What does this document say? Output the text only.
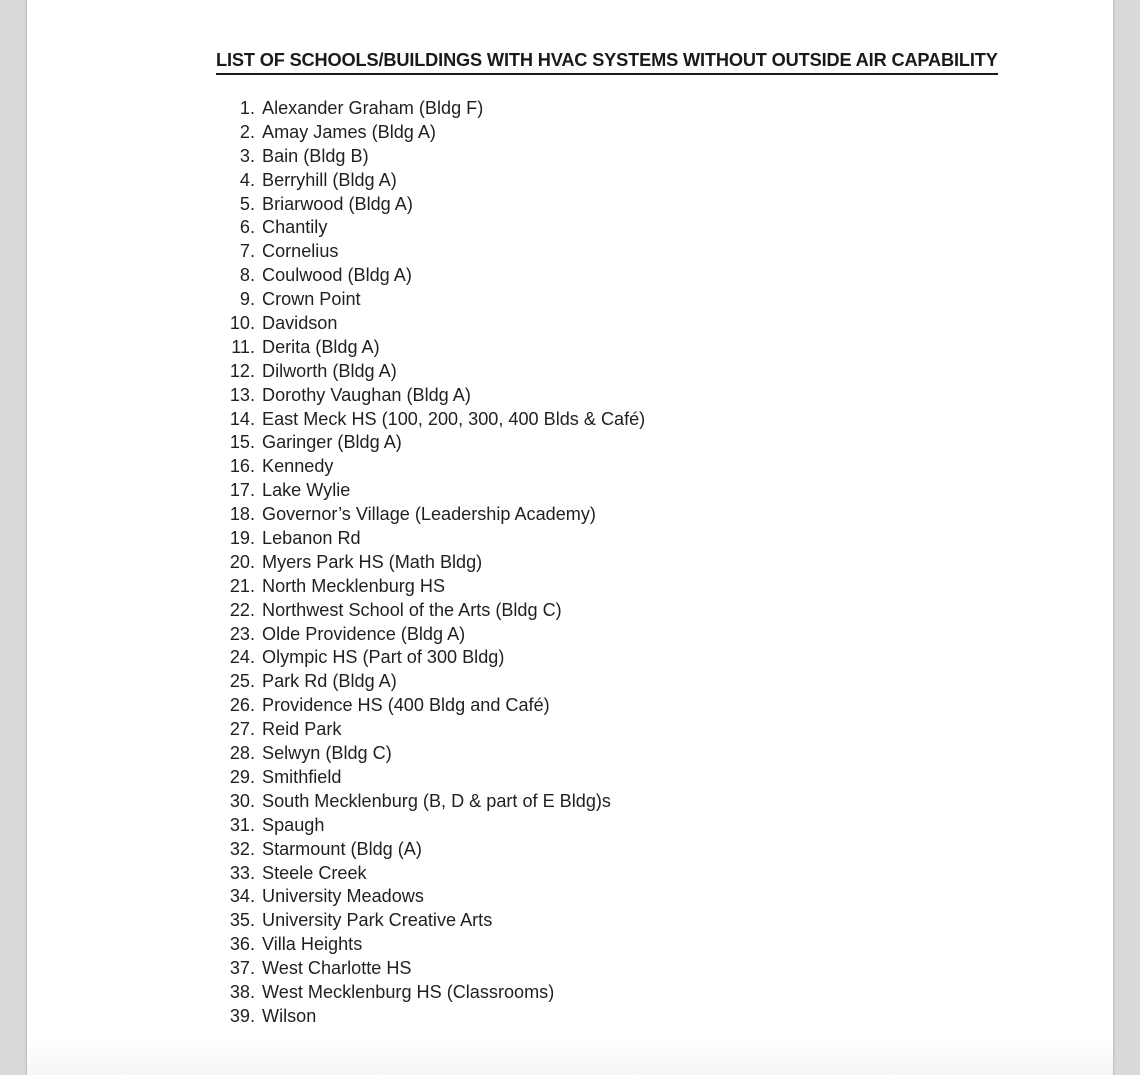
LIST OF SCHOOLS/BUILDINGS WITH HVAC SYSTEMS WITHOUT OUTSIDE AIR CAPABILITY
1. Alexander Graham (Bldg F)
2. Amay James (Bldg A)
3. Bain (Bldg B)
4. Berryhill (Bldg A)
5. Briarwood (Bldg A)
6. Chantily
7. Cornelius
8. Coulwood (Bldg A)
9. Crown Point
10. Davidson
11. Derita (Bldg A)
12. Dilworth (Bldg A)
13. Dorothy Vaughan (Bldg A)
14. East Meck HS (100, 200, 300, 400 Blds & Café)
15. Garinger (Bldg A)
16. Kennedy
17. Lake Wylie
18. Governor’s Village (Leadership Academy)
19. Lebanon Rd
20. Myers Park HS (Math Bldg)
21. North Mecklenburg HS
22. Northwest School of the Arts (Bldg C)
23. Olde Providence (Bldg A)
24. Olympic HS (Part of 300 Bldg)
25. Park Rd (Bldg A)
26. Providence HS (400 Bldg and Café)
27. Reid Park
28. Selwyn (Bldg C)
29. Smithfield
30. South Mecklenburg (B, D & part of E Bldg)s
31. Spaugh
32. Starmount (Bldg (A)
33. Steele Creek
34. University Meadows
35. University Park Creative Arts
36. Villa Heights
37. West Charlotte HS
38. West Mecklenburg HS (Classrooms)
39. Wilson
